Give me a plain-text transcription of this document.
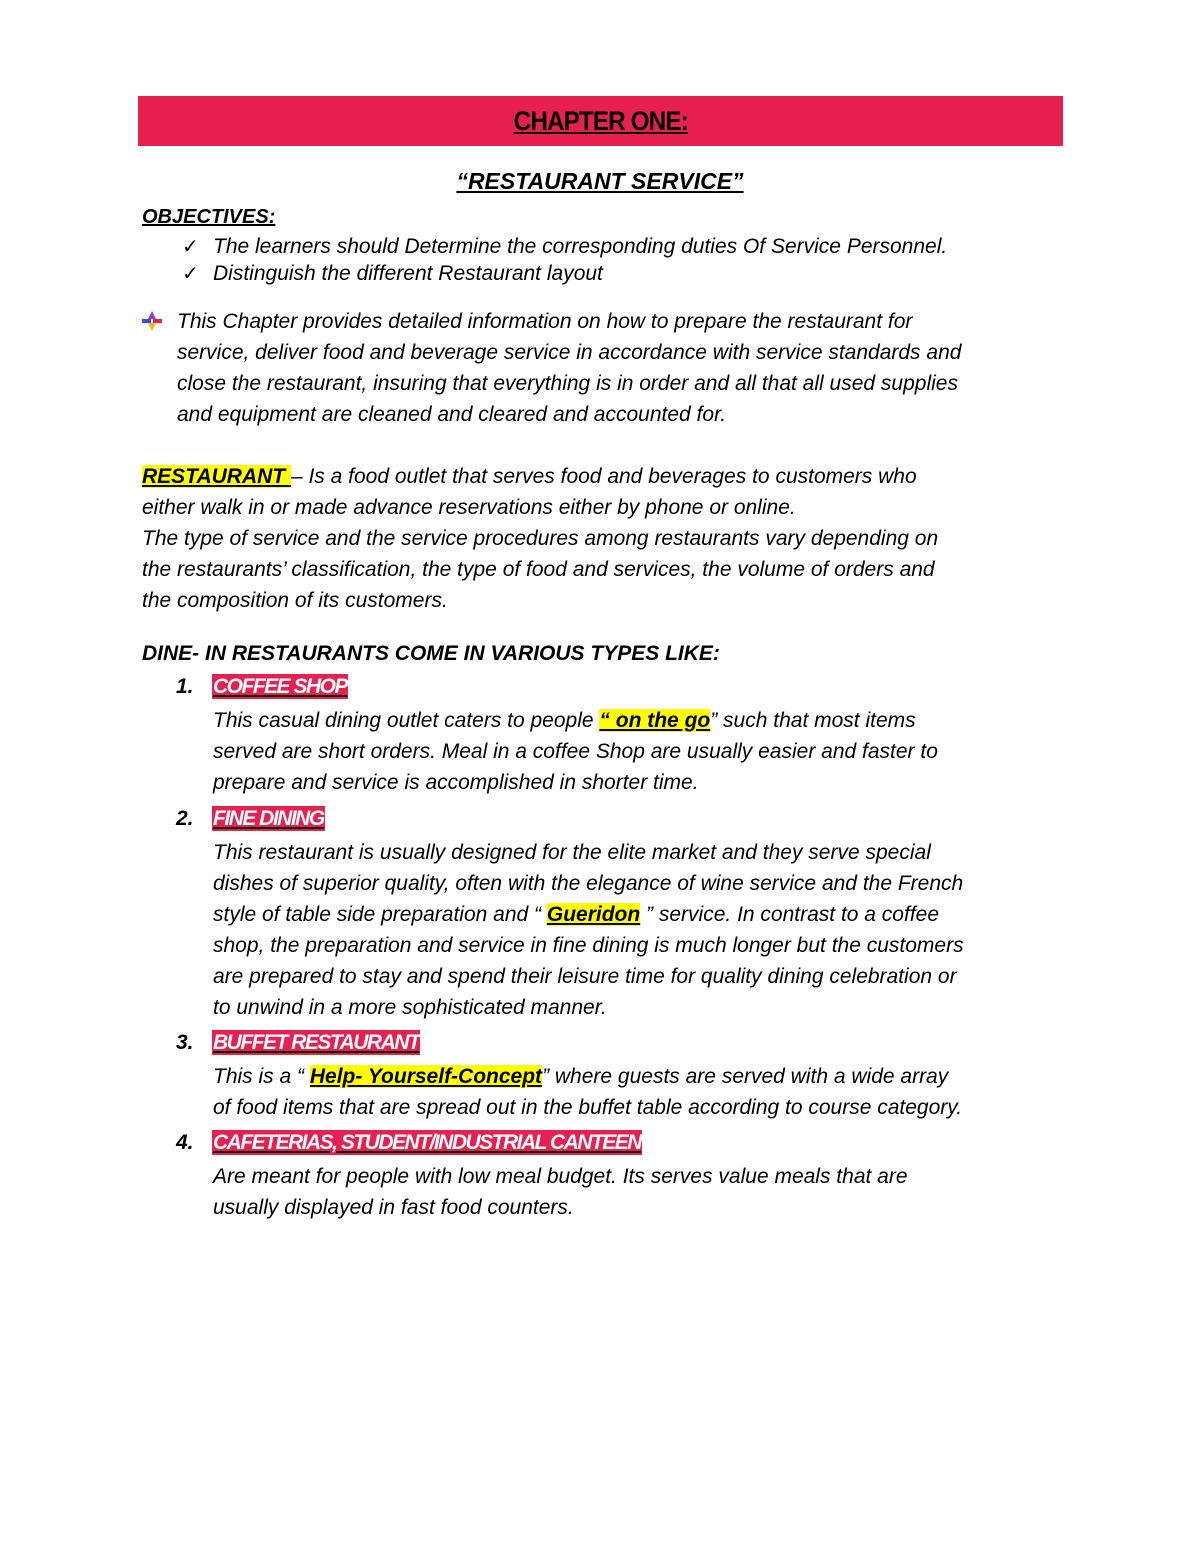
CHAPTER ONE:
“RESTAURANT SERVICE”
OBJECTIVES:
✓ The learners should Determine the corresponding duties Of Service Personnel.
✓ Distinguish the different Restaurant layout
This Chapter provides detailed information on how to prepare the restaurant for
service, deliver food and beverage service in accordance with service standards and
close the restaurant, insuring that everything is in order and all that all used supplies
and equipment are cleaned and cleared and accounted for.
RESTAURANT – Is a food outlet that serves food and beverages to customers who
either walk in or made advance reservations either by phone or online.
The type of service and the service procedures among restaurants vary depending on
the restaurants’ classification, the type of food and services, the volume of orders and
the composition of its customers.
DINE- IN RESTAURANTS COME IN VARIOUS TYPES LIKE:
1. COFFEE SHOP
This casual dining outlet caters to people “ on the go” such that most items
served are short orders. Meal in a coffee Shop are usually easier and faster to
prepare and service is accomplished in shorter time.
2. FINE DINING
This restaurant is usually designed for the elite market and they serve special
dishes of superior quality, often with the elegance of wine service and the French
style of table side preparation and “ Gueridon ” service. In contrast to a coffee
shop, the preparation and service in fine dining is much longer but the customers
are prepared to stay and spend their leisure time for quality dining celebration or
to unwind in a more sophisticated manner.
3. BUFFET RESTAURANT
This is a “ Help- Yourself-Concept” where guests are served with a wide array
of food items that are spread out in the buffet table according to course category.
4. CAFETERIAS, STUDENT/INDUSTRIAL CANTEEN
Are meant for people with low meal budget. Its serves value meals that are
usually displayed in fast food counters.
